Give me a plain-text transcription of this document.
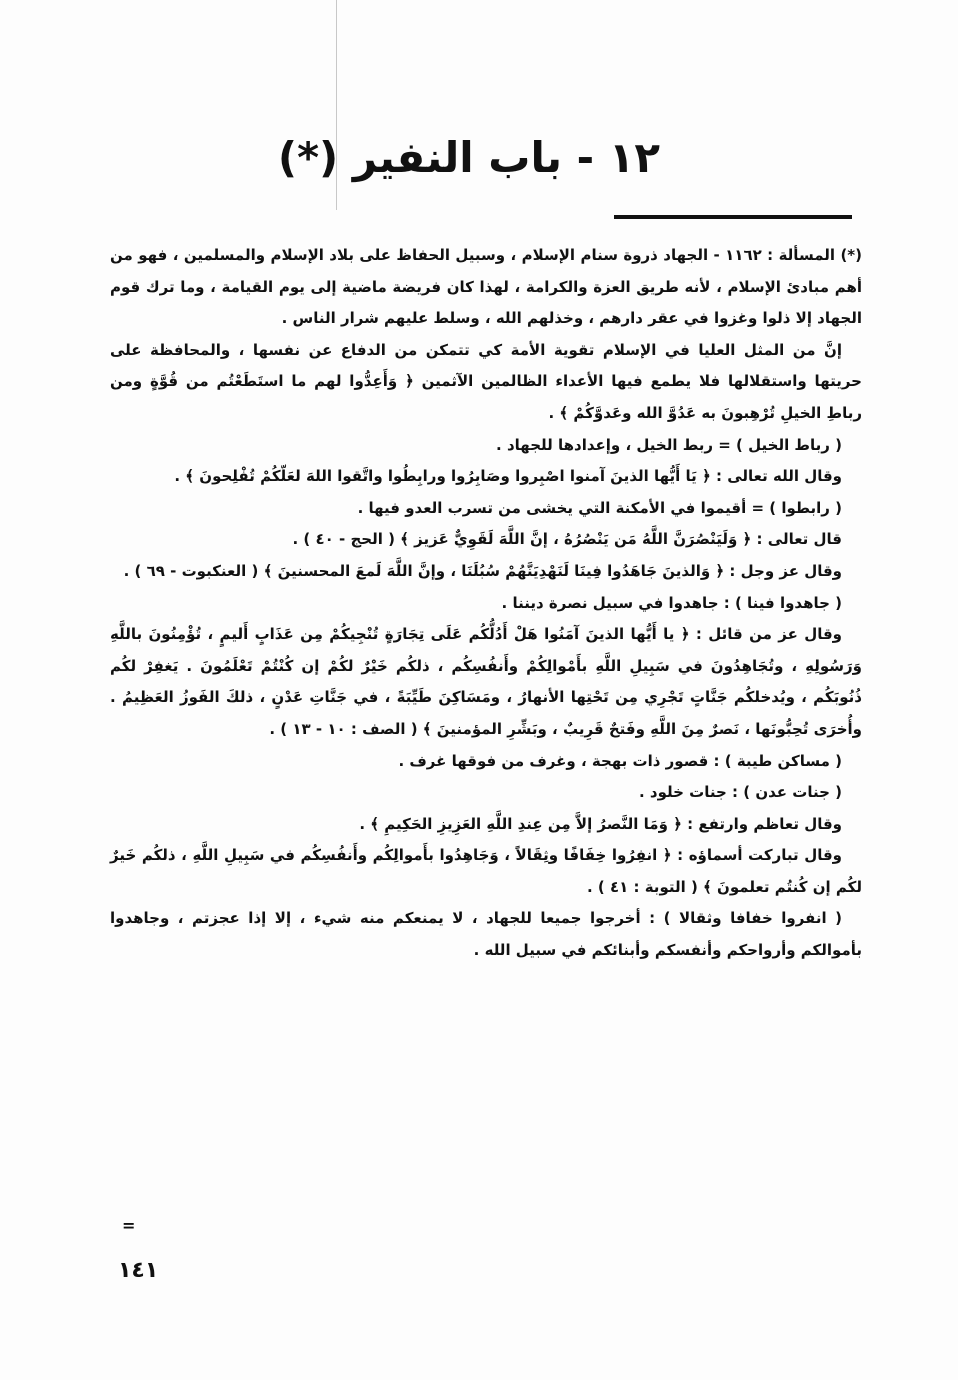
١٢ - باب النفير (*)

(*) المسألة : ١١٦٢ - الجهاد ذروة سنام الإسلام ، وسبيل الحفاظ على بلاد الإسلام والمسلمين ، فهو من أهم مبادئ الإسلام ، لأنه طريق العزة والكرامة ، لهذا كان فريضة ماضية إلى يوم القيامة ، وما ترك قوم الجهاد إلا ذلوا وغزوا في عقر دارهم ، وخذلهم الله ، وسلط عليهم شرار الناس .

إنَّ من المثل العليا في الإسلام تقوية الأمة كي تتمكن من الدفاع عن نفسها ، والمحافظة على حريتها واستقلالها فلا يطمع فيها الأعداء الظالمين الآثمين ﴿ وَأَعِدُّوا لهم ما استَطَعْتُم من قُوَّةٍ ومن رباطِ الخيلِ تُرْهِبونَ به عَدُوَّ الله وعَدوَّكُمْ ﴾ .

( رباط الخيل ) = ربط الخيل ، وإعدادها للجهاد .

وقال الله تعالى : ﴿ يَا أَيُّها الذينَ آمنوا اصْبِروا وصَابِرُوا ورابِطُوا واتَّقوا اللهَ لعَلّكُمْ تُفْلِحونَ ﴾ .

( رابطوا ) = أقيموا في الأمكنة التي يخشى من تسرب العدو فيها .

قال تعالى : ﴿ وَلَيَنْصُرَنَّ اللَّهُ مَن يَنْصُرُهُ ، إنَّ اللَّهَ لَقَوِيٌّ عَزيز ﴾ ( الحج - ٤٠ ) .

وقال عز وجل : ﴿ وَالذينَ جَاهَدُوا فِينَا لَنَهْدِيَنَّهُمْ سُبُلَنَا ، وإنَّ اللَّهَ لَمعَ المحسنينَ ﴾ ( العنكبوت - ٦٩ ) .

( جاهدوا فينا ) : جاهدوا في سبيل نصرة ديننا .

وقال عز من قائل : ﴿ يا أَيُّها الذينَ آمَنُوا هَلْ أَدُلُّكُم عَلَى تِجَارَةٍ تُنْجِيكُمْ مِن عَذَابٍ أَليمٍ ، تُؤْمِنُونَ باللَّهِ وَرَسُولِهِ ، وتُجَاهِدُونَ في سَبِيلِ اللَّهِ بأَمْوالِكُمْ وأَنفُسِكُم ، ذلكُم خَيْرٌ لكُمْ إن كُنْتُمْ تَعْلَمُونَ . يَغفِرْ لكُم ذُنُوبَكُم ، ويُدخلكُم جَنَّاتٍ تَجْرِي مِن تَحْتِها الأنهارُ ، ومَسَاكِنَ طَيِّبَةً ، في جَنَّاتِ عَدْنٍ ، ذلكَ الفَوزُ العَظِيمُ . وأُخرَى تُحِبُّونَها ، نَصرٌ مِنَ اللَّهِ وفَتحٌ قَرِيبٌ ، وبَشِّرِ المؤمنينَ ﴾ ( الصف : ١٠ - ١٣ ) .

( مساكن طيبة ) : قصور ذات بهجة ، وغرف من فوقها غرف .

( جنات عدن ) : جنات خلود .

وقال تعاظم وارتفع : ﴿ وَمَا النَّصرُ إلاَّ مِن عِندِ اللَّهِ العَزِيزِ الحَكِيمِ ﴾ .

وقال تباركت أسماؤه : ﴿ انفِرُوا خِفَافًا وثِقَالاً ، وَجَاهِدُوا بأَموالِكُم وأَنفُسِكُم في سَبِيلِ اللَّهِ ، ذلكُم خَيرٌ لكُم إن كُنتُم تعلمونَ ﴾ ( التوبة : ٤١ ) .

( انفروا خفافا وثقالا ) : أخرجوا جميعا للجهاد ، لا يمنعكم منه شيء ، إلا إذا عجزتم ، وجاهدوا بأموالكم وأرواحكم وأنفسكم وأبنائكم في سبيل الله .

=
١٤١
